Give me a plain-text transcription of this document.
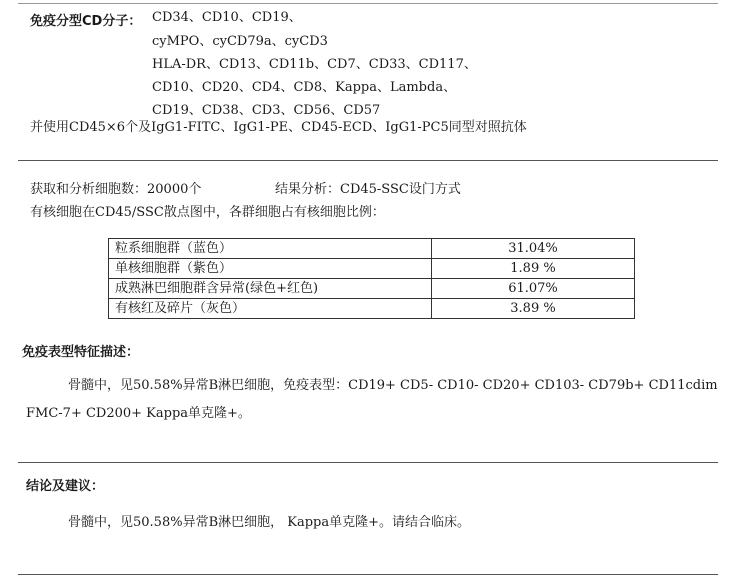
免疫分型CD分子： CD34、CD10、CD19、
cyMPO、cyCD79a、cyCD3
HLA-DR、CD13、CD11b、CD7、CD33、CD117、
CD10、CD20、CD4、CD8、Kappa、Lambda、
CD19、CD38、CD3、CD56、CD57
并使用CD45×6个及IgG1-FITC、IgG1-PE、CD45-ECD、IgG1-PC5同型对照抗体
获取和分析细胞数：20000个	结果分析：CD45-SSC设门方式
有核细胞在CD45/SSC散点图中，各群细胞占有核细胞比例：
粒系细胞群（蓝色）	31.04%
单核细胞群（紫色）	1.89 %
成熟淋巴细胞群含异常(绿色+红色)	61.07%
有核红及碎片（灰色）	3.89 %
免疫表型特征描述：
骨髓中，见50.58%异常B淋巴细胞，免疫表型：CD19+ CD5- CD10- CD20+ CD103- CD79b+ CD11cdim
FMC-7+ CD200+ Kappa单克隆+。
结论及建议：
骨髓中，见50.58%异常B淋巴细胞， Kappa单克隆+。请结合临床。
